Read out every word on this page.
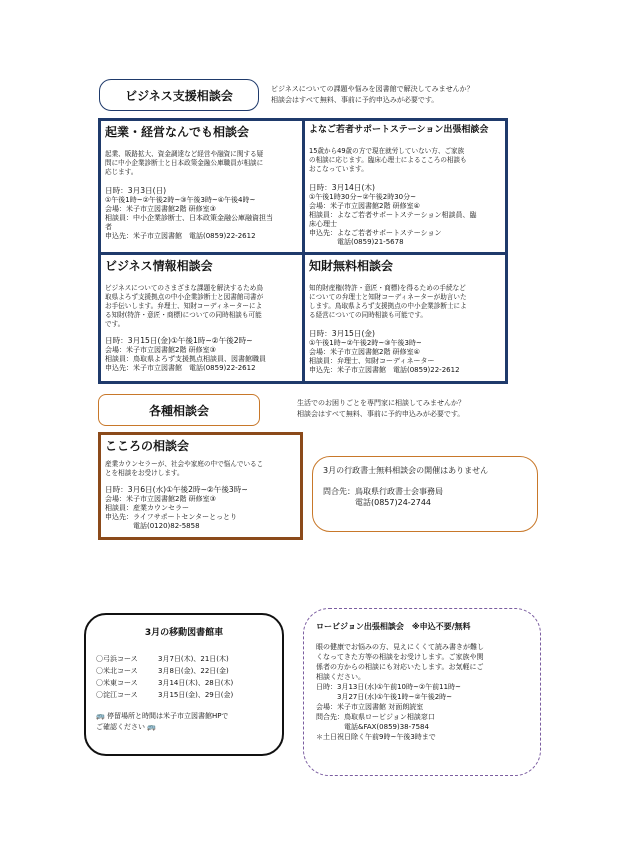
ビジネス支援相談会	ビジネスについての課題や悩みを図書館で解決してみませんか？
相談会はすべて無料、事前に予約申込みが必要です。
起業・経営なんでも相談会
起業、販路拡大、資金調達など経営や融資に関する疑
問に中小企業診断士と日本政策金融公庫職員が相談に
応じます。
日時：3月3日(日)
①午後1時~②午後2時~③午後3時~④午後4時~
会場：米子市立図書館2階 研修室③
相談員：中小企業診断士、日本政策金融公庫融資担当
者
申込先：米子市立図書館　電話(0859)22-2612
よなご若者サポートステーション出張相談会
15歳から49歳の方で現在就労していない方、ご家族
の相談に応じます。臨床心理士によるこころの相談も
おこなっています。
日時：3月14日(木)
①午後1時30分~②午後2時30分~
会場：米子市立図書館2階 研修室④
相談員：よなご若者サポートステーション相談員、臨
床心理士
申込先：よなご若者サポートステーション
　　　　電話(0859)21-5678
ビジネス情報相談会
ビジネスについてのさまざまな課題を解決するため鳥
取県よろず支援拠点の中小企業診断士と図書館司書が
お手伝いします。弁理士、知財コーディネーターによ
る知財(特許・意匠・商標)についての同時相談も可能
です。
日時：3月15日(金)①午後1時~②午後2時~
会場：米子市立図書館2階 研修室③
相談員：鳥取県よろず支援拠点相談員、図書館職員
申込先：米子市立図書館　電話(0859)22-2612
知財無料相談会
知的財産権(特許・意匠・商標)を得るための手続など
についての弁理士と知財コーディネーターが助言いた
します。鳥取県よろず支援拠点の中小企業診断士によ
る経営についての同時相談も可能です。
日時：3月15日(金)
①午後1時~②午後2時~③午後3時~
会場：米子市立図書館2階 研修室④
相談員：弁理士、知財コーディネーター
申込先：米子市立図書館　電話(0859)22-2612
各種相談会
生活でのお困りごとを専門家に相談してみませんか？
相談会はすべて無料、事前に予約申込みが必要です。
こころの相談会
産業カウンセラーが、社会や家庭の中で悩んでいるこ
とを相談をお受けします。
日時：3月6日(水)①午後2時~②午後3時~
会場：米子市立図書館2階 研修室③
相談員：産業カウンセラー
申込先：ライフサポートセンターとっとり
　　　　電話(0120)82-5858
3月の行政書士無料相談会の開催はありません
問合先：鳥取県行政書士会事務局
　　　　電話(0857)24-2744
3月の移動図書館車
〇弓浜コース	3月7日(木)、21日(木)
〇米北コース	3月8日(金)、22日(金)
〇米東コース	3月14日(木)、28日(木)
〇淀江コース	3月15日(金)、29日(金)
🚌 停留場所と時間は米子市立図書館HPで
ご確認ください 🚌
ロービジョン出張相談会　※申込不要/無料
眼の健康でお悩みの方、見えにくくて読み書きが難し
くなってきた方等の相談をお受けします。ご家族や関
係者の方からの相談にも対応いたします。お気軽にご
相談ください。
日時：3月13日(水)①午前10時~②午前11時~
　　　3月27日(水)①午後1時~②午後2時~
会場：米子市立図書館 対面朗読室
問合先：鳥取県ロービジョン相談窓口
　　　　電話&FAX(0859)38-7584
＊土日祝日除く午前9時~午後3時まで
